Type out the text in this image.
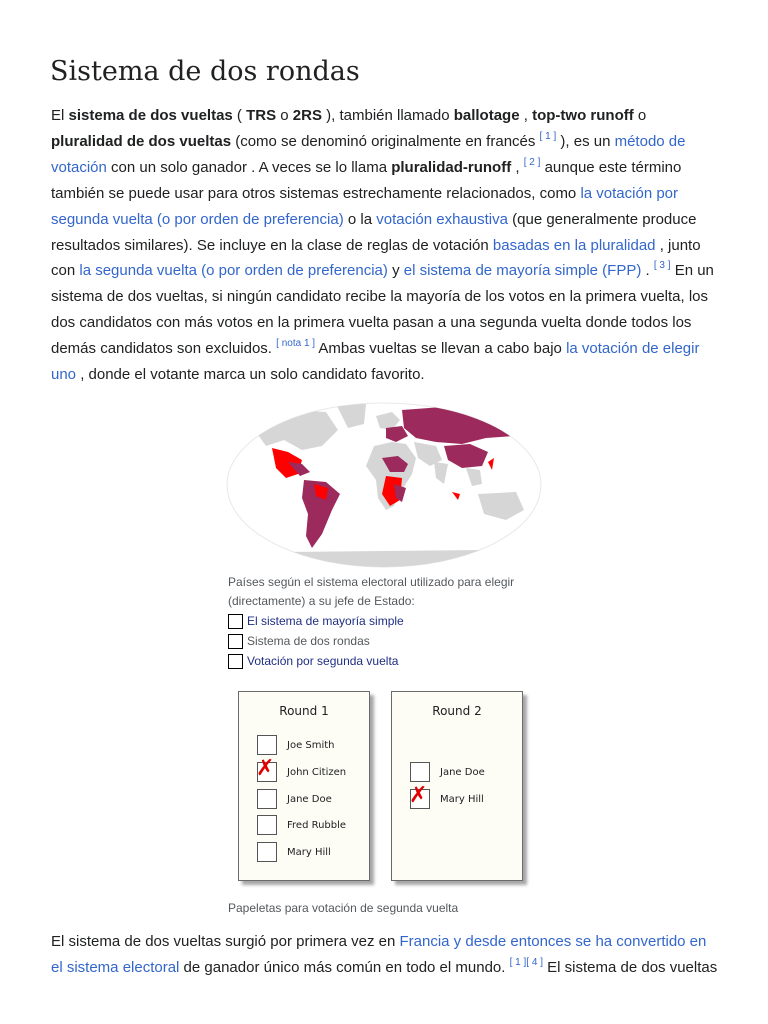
Sistema de dos rondas

El sistema de dos vueltas ( TRS o 2RS ), también llamado ballotage , top-two runoff o pluralidad de dos vueltas (como se denominó originalmente en francés [ 1 ] ), es un método de votación con un solo ganador . A veces se lo llama pluralidad-runoff , [ 2 ] aunque este término también se puede usar para otros sistemas estrechamente relacionados, como la votación por segunda vuelta (o por orden de preferencia) o la votación exhaustiva (que generalmente produce resultados similares). Se incluye en la clase de reglas de votación basadas en la pluralidad , junto con la segunda vuelta (o por orden de preferencia) y el sistema de mayoría simple (FPP) . [ 3 ] En un sistema de dos vueltas, si ningún candidato recibe la mayoría de los votos en la primera vuelta, los dos candidatos con más votos en la primera vuelta pasan a una segunda vuelta donde todos los demás candidatos son excluidos. [ nota 1 ] Ambas vueltas se llevan a cabo bajo la votación de elegir uno , donde el votante marca un solo candidato favorito.

Países según el sistema electoral utilizado para elegir (directamente) a su jefe de Estado:
El sistema de mayoría simple
Sistema de dos rondas
Votación por segunda vuelta
Round 1
Joe Smith
✗ John Citizen
Jane Doe
Fred Rubble
Mary Hill
Round 2
Jane Doe
✗ Mary Hill
Papeletas para votación de segunda vuelta

El sistema de dos vueltas surgió por primera vez en Francia y desde entonces se ha convertido en el sistema electoral de ganador único más común en todo el mundo. [ 1 ][ 4 ] El sistema de dos vueltas
